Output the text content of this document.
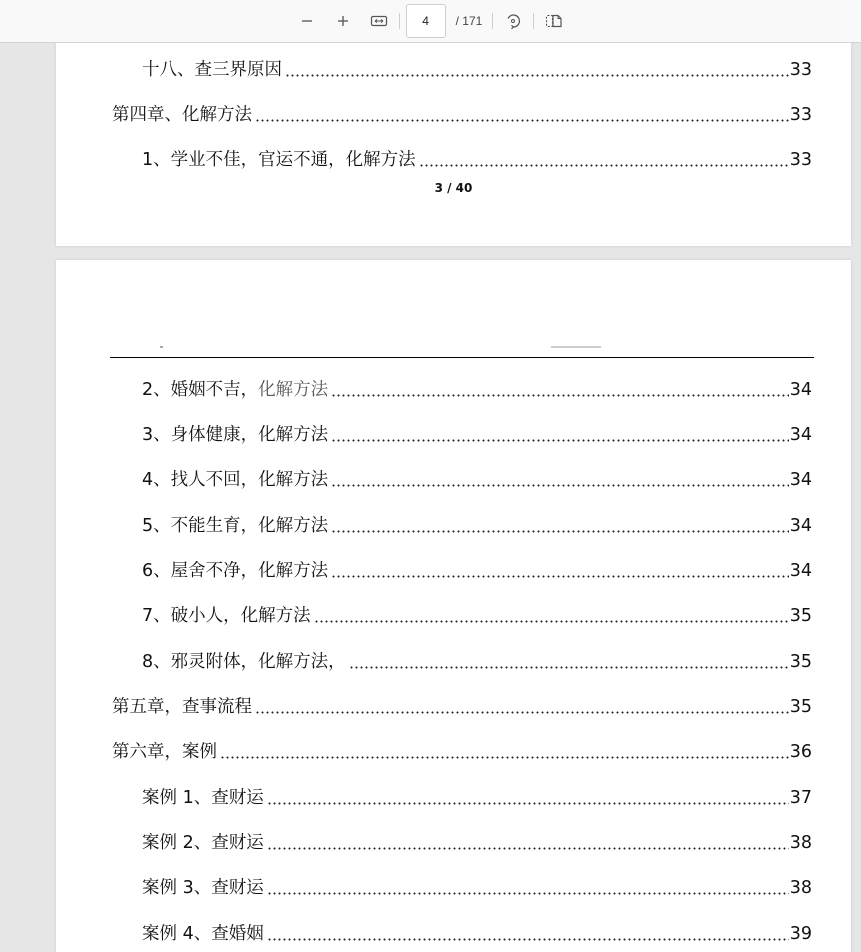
4
/ 171
十八、查三界原因	33
第四章、化解方法	33
1、学业不佳，官运不通，化解方法	33
3 / 40
2、婚姻不吉，化解方法	34
3、身体健康，化解方法	34
4、找人不回，化解方法	34
5、不能生育，化解方法	34
6、屋舍不净，化解方法	34
7、破小人，化解方法	35
8、邪灵附体，化解方法，	35
第五章，查事流程	35
第六章，案例	36
案例 1、查财运	37
案例 2、查财运	38
案例 3、查财运	38
案例 4、查婚姻	39
